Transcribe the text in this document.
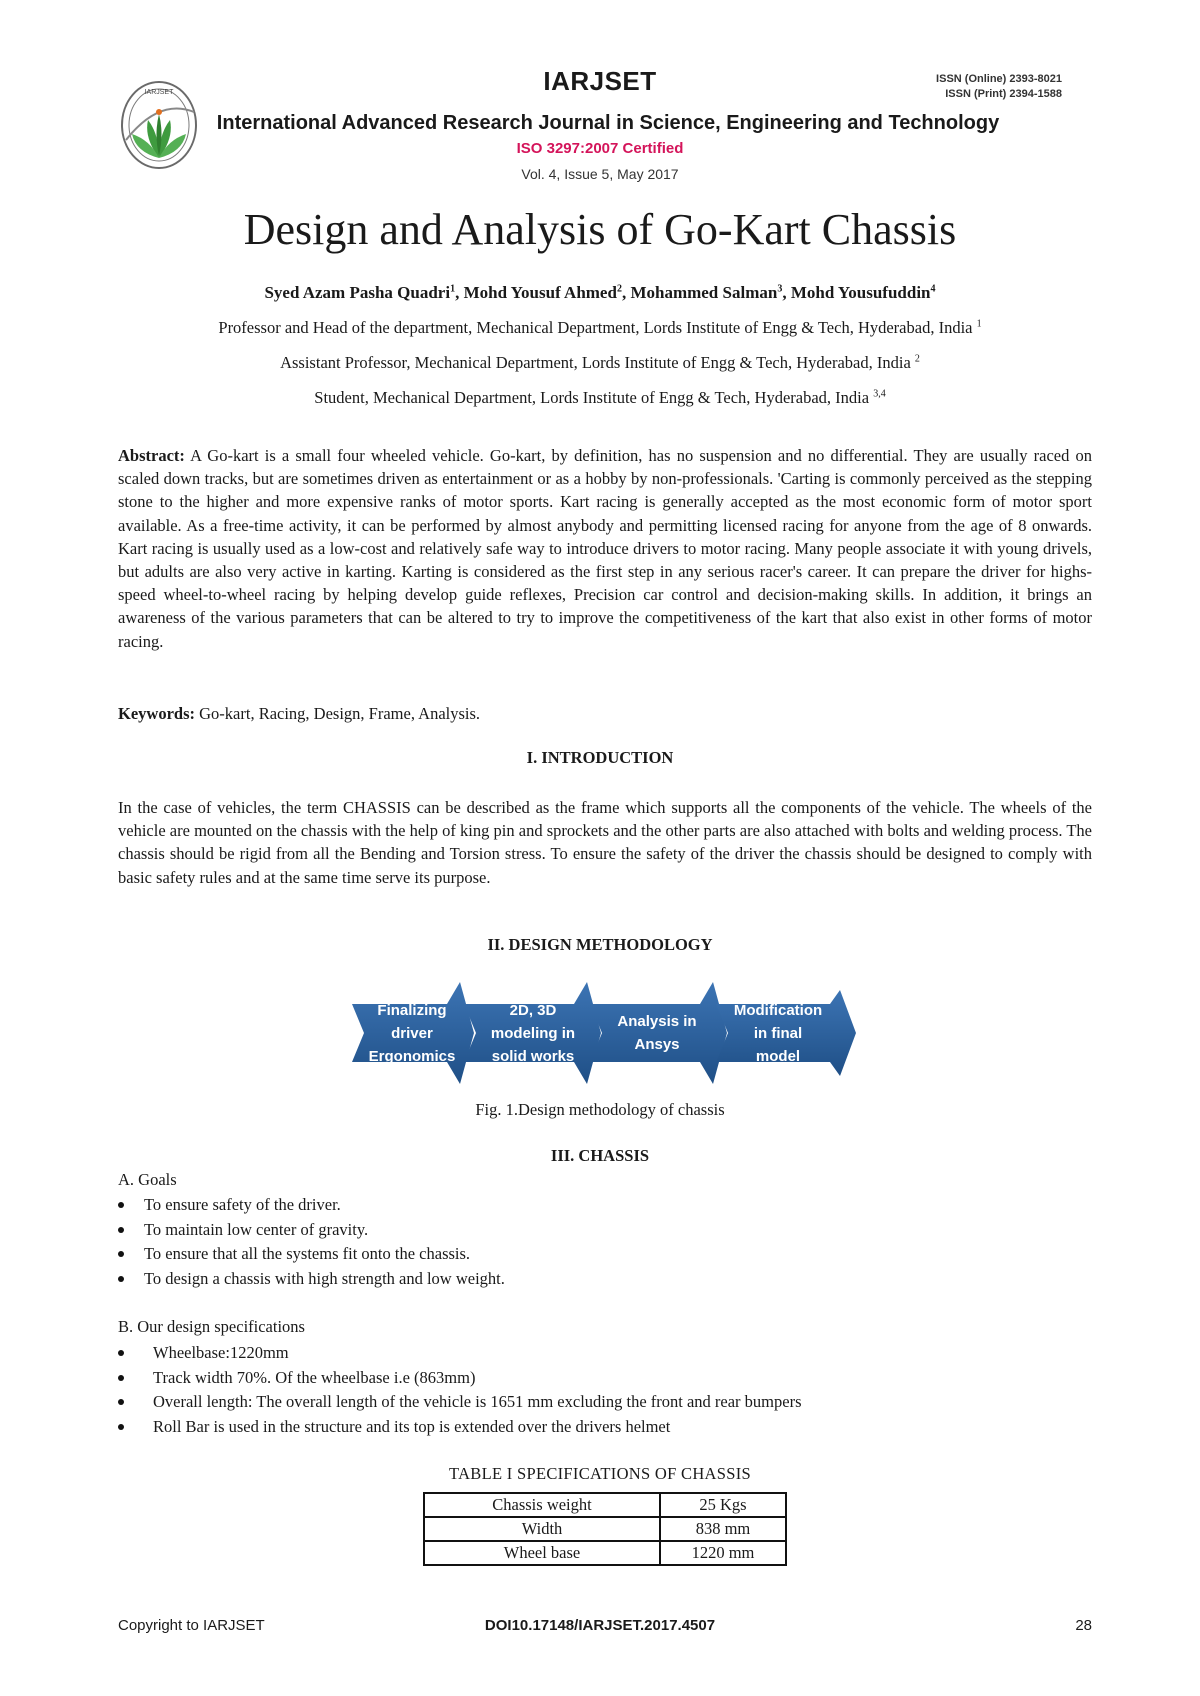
IARJSET	IARJSET	ISSN (Online) 2393-8021
ISSN (Print) 2394-1588
International Advanced Research Journal in Science, Engineering and Technology
ISO 3297:2007 Certified
Vol. 4, Issue 5, May 2017
Design and Analysis of Go-Kart Chassis
Syed Azam Pasha Quadri$^1$, Mohd Yousuf Ahmed$^2$, Mohammed Salman$^3$, Mohd Yousufuddin$^4$
Professor and Head of the department, Mechanical Department, Lords Institute of Engg & Tech, Hyderabad, India $^1$
Assistant Professor, Mechanical Department, Lords Institute of Engg & Tech, Hyderabad, India $^2$
Student, Mechanical Department, Lords Institute of Engg & Tech, Hyderabad, India $^{3,4}$
Abstract: A Go-kart is a small four wheeled vehicle. Go-kart, by definition, has no suspension and no differential. They are usually raced on scaled down tracks, but are sometimes driven as entertainment or as a hobby by non-professionals. 'Carting is commonly perceived as the stepping stone to the higher and more expensive ranks of motor sports. Kart racing is generally accepted as the most economic form of motor sport available. As a free-time activity, it can be performed by almost anybody and permitting licensed racing for anyone from the age of 8 onwards. Kart racing is usually used as a low-cost and relatively safe way to introduce drivers to motor racing. Many people associate it with young drivels, but adults are also very active in karting. Karting is considered as the first step in any serious racer's career. It can prepare the driver for highs-speed wheel-to-wheel racing by helping develop guide reflexes, Precision car control and decision-making skills. In addition, it brings an awareness of the various parameters that can be altered to try to improve the competitiveness of the kart that also exist in other forms of motor racing.
Keywords: Go-kart, Racing, Design, Frame, Analysis.
I. INTRODUCTION
In the case of vehicles, the term CHASSIS can be described as the frame which supports all the components of the vehicle. The wheels of the vehicle are mounted on the chassis with the help of king pin and sprockets and the other parts are also attached with bolts and welding process. The chassis should be rigid from all the Bending and Torsion stress. To ensure the safety of the driver the chassis should be designed to comply with basic safety rules and at the same time serve its purpose.
II. DESIGN METHODOLOGY
Finalizing
driver
Ergonomics
2D, 3D
modeling in
solid works
Analysis in
Ansys
Modification
in final
model
Fig. 1.Design methodology of chassis
III. CHASSIS
A. Goals
To ensure safety of the driver.
To maintain low center of gravity.
To ensure that all the systems fit onto the chassis.
To design a chassis with high strength and low weight.
B. Our design specifications
Wheelbase:1220mm
Track width 70%. Of the wheelbase i.e (863mm)
Overall length: The overall length of the vehicle is 1651 mm excluding the front and rear bumpers
Roll Bar is used in the structure and its top is extended over the drivers helmet
TABLE I SPECIFICATIONS OF CHASSIS
Chassis weight	25 Kgs
Width	838 mm
Wheel base	1220 mm
Copyright to IARJSET	DOI10.17148/IARJSET.2017.4507	28
